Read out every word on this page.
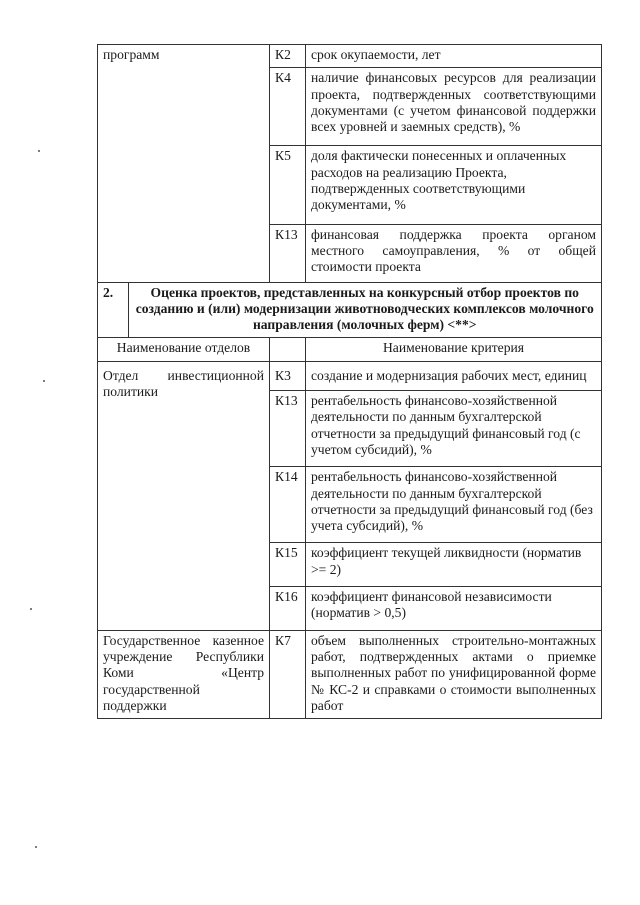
программ	К2	срок окупаемости, лет
К4	наличие финансовых ресурсов для реализации проекта, подтвержденных соответствующими документами (с учетом финансовой поддержки всех уровней и заемных средств), %
К5	доля фактически понесенных и оплаченных расходов на реализацию Проекта, подтвержденных соответствующими документами, %
К13	финансовая поддержка проекта органом местного самоуправления, % от общей стоимости проекта

2.	Оценка проектов, представленных на конкурсный отбор проектов по созданию и (или) модернизации животноводческих комплексов молочного направления (молочных ферм) <**>

Наименование отделов		Наименование критерия
Отдел инвестиционной политики	К3	создание и модернизация рабочих мест, единиц
К13	рентабельность финансово-хозяйственной деятельности по данным бухгалтерской отчетности за предыдущий финансовый год (с учетом субсидий), %
К14	рентабельность финансово-хозяйственной деятельности по данным бухгалтерской отчетности за предыдущий финансовый год (без учета субсидий), %
К15	коэффициент текущей ликвидности (норматив >= 2)
К16	коэффициент финансовой независимости (норматив > 0,5)
Государственное казенное учреждение Республики Коми «Центр государственной поддержки	К7	объем выполненных строительно-монтажных работ, подтвержденных актами о приемке выполненных работ по унифицированной форме № КС-2 и справками о стоимости выполненных работ
